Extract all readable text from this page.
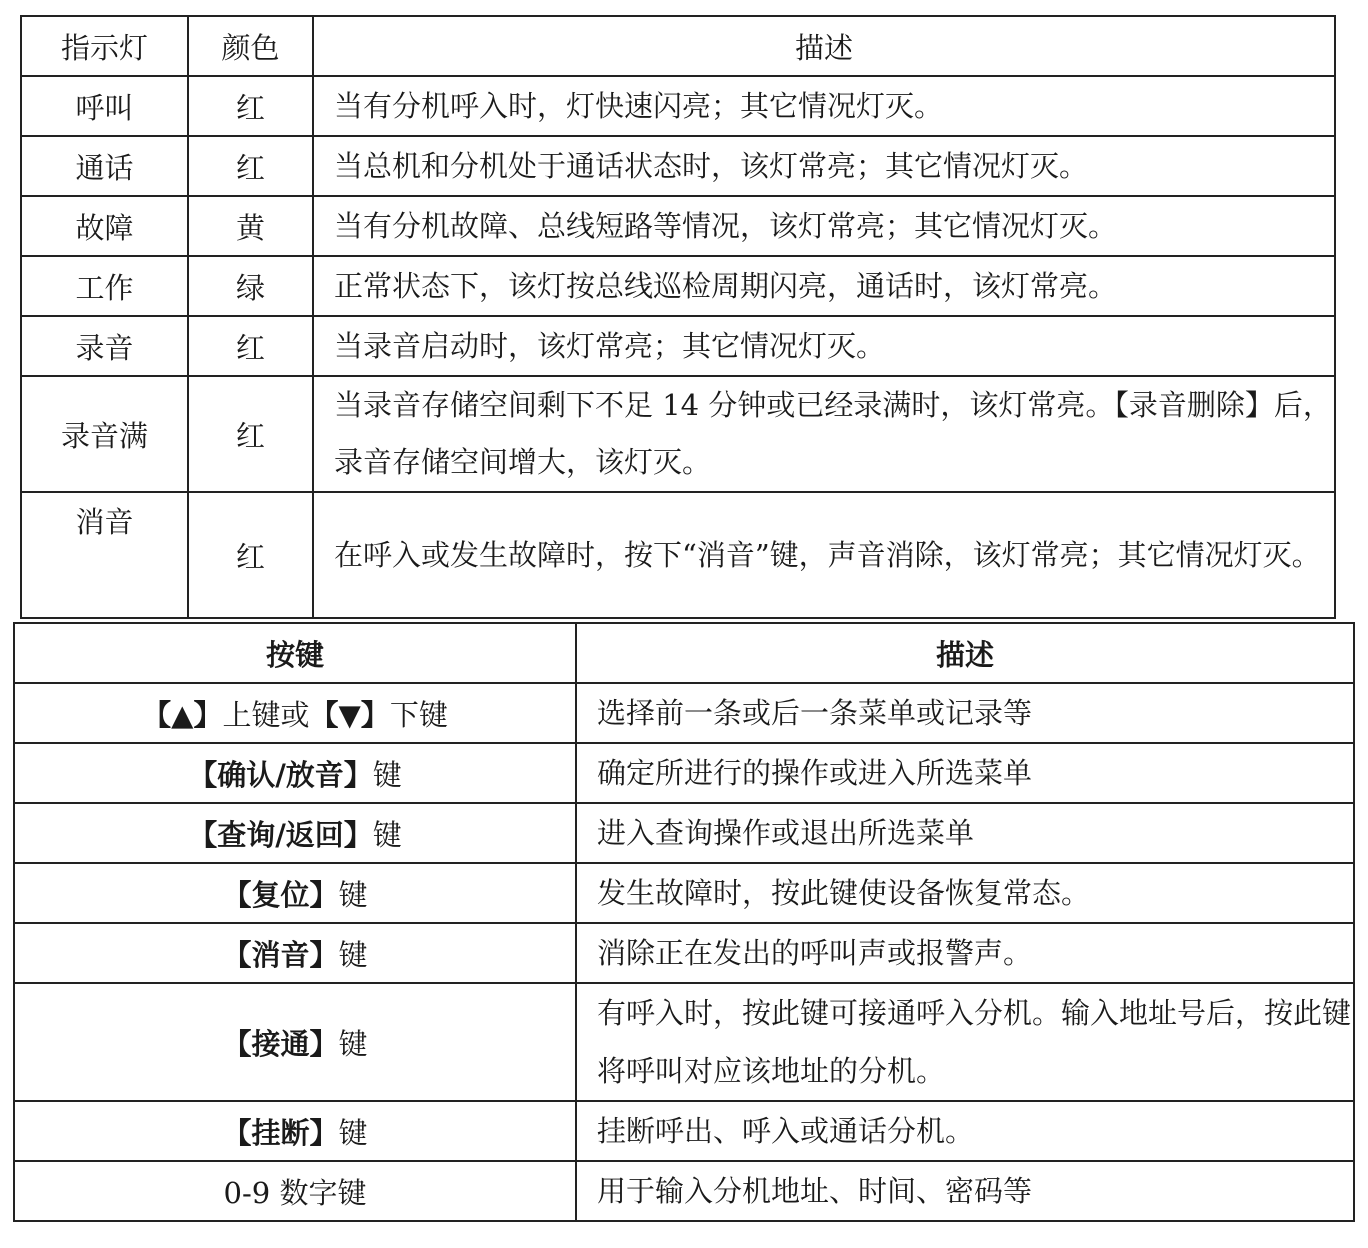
指示灯	颜色	描述
呼叫	红	当有分机呼入时，灯快速闪亮；其它情况灯灭。
通话	红	当总机和分机处于通话状态时，该灯常亮；其它情况灯灭。
故障	黄	当有分机故障、总线短路等情况，该灯常亮；其它情况灯灭。
工作	绿	正常状态下，该灯按总线巡检周期闪亮，通话时，该灯常亮。
录音	红	当录音启动时，该灯常亮；其它情况灯灭。
录音满	红	当录音存储空间剩下不足 14 分钟或已经录满时，该灯常亮。【录音删除】后，录音存储空间增大，该灯灭。
消音	红	在呼入或发生故障时，按下“消音”键，声音消除，该灯常亮；其它情况灯灭。
按键	描述
【▲】上键或【▼】下键	选择前一条或后一条菜单或记录等
【确认/放音】键	确定所进行的操作或进入所选菜单
【查询/返回】键	进入查询操作或退出所选菜单
【复位】键	发生故障时，按此键使设备恢复常态。
【消音】键	消除正在发出的呼叫声或报警声。
【接通】键	有呼入时，按此键可接通呼入分机。输入地址号后，按此键将呼叫对应该地址的分机。
【挂断】键	挂断呼出、呼入或通话分机。
0-9 数字键	用于输入分机地址、时间、密码等
